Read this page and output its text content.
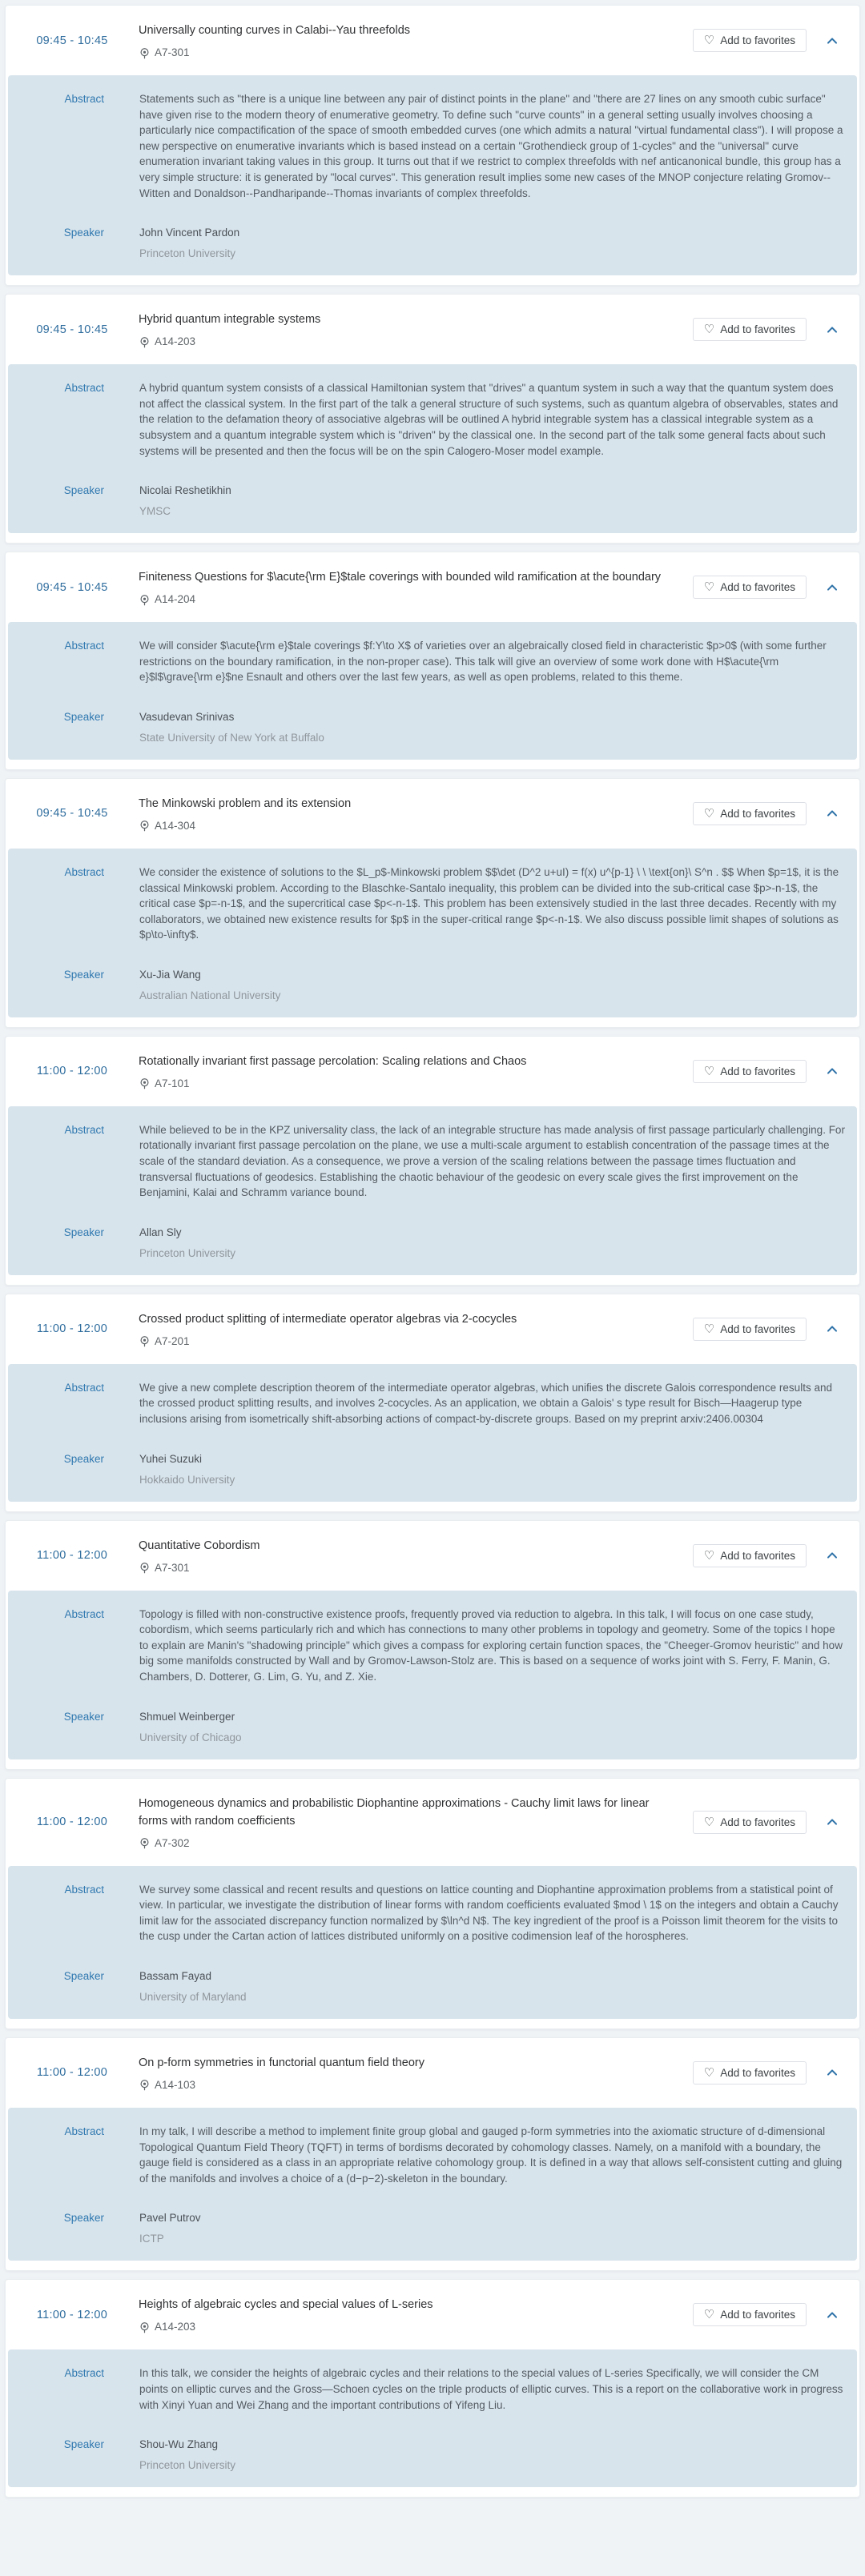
09:45 - 10:45
Universally counting curves in Calabi--Yau threefolds
A7-301
♡ Add to favorites
Abstract	Statements such as "there is a unique line between any pair of distinct points in the plane" and "there are 27 lines on any smooth cubic surface" have given rise to the modern theory of enumerative geometry. To define such "curve counts" in a general setting usually involves choosing a particularly nice compactification of the space of smooth embedded curves (one which admits a natural "virtual fundamental class"). I will propose a new perspective on enumerative invariants which is based instead on a certain "Grothendieck group of 1-cycles" and the "universal" curve enumeration invariant taking values in this group. It turns out that if we restrict to complex threefolds with nef anticanonical bundle, this group has a very simple structure: it is generated by "local curves". This generation result implies some new cases of the MNOP conjecture relating Gromov--Witten and Donaldson--Pandharipande--Thomas invariants of complex threefolds.
Speaker	John Vincent Pardon
Princeton University
09:45 - 10:45
Hybrid quantum integrable systems
A14-203
♡ Add to favorites
Abstract	A hybrid quantum system consists of a classical Hamiltonian system that "drives" a quantum system in such a way that the quantum system does not affect the classical system. In the first part of the talk a general structure of such systems, such as quantum algebra of observables, states and the relation to the defamation theory of associative algebras will be outlined A hybrid integrable system has a classical integrable system as a subsystem and a quantum integrable system which is "driven" by the classical one. In the second part of the talk some general facts about such systems will be presented and then the focus will be on the spin Calogero-Moser model example.
Speaker	Nicolai Reshetikhin
YMSC
09:45 - 10:45
Finiteness Questions for $\acute{\rm E}$tale coverings with bounded wild ramification at the boundary
A14-204
♡ Add to favorites
Abstract	We will consider $\acute{\rm e}$tale coverings $f:Y\to X$ of varieties over an algebraically closed field in characteristic $p>0$ (with some further restrictions on the boundary ramification, in the non-proper case). This talk will give an overview of some work done with H$\acute{\rm e}$l$\grave{\rm e}$ne Esnault and others over the last few years, as well as open problems, related to this theme.
Speaker	Vasudevan Srinivas
State University of New York at Buffalo
09:45 - 10:45
The Minkowski problem and its extension
A14-304
♡ Add to favorites
Abstract	We consider the existence of solutions to the $L_p$-Minkowski problem $$\det (D^2 u+uI) = f(x) u^{p-1} \ \ \text{on}\ S^n . $$ When $p=1$, it is the classical Minkowski problem. According to the Blaschke-Santalo inequality, this problem can be divided into the sub-critical case $p>-n-1$, the critical case $p=-n-1$, and the supercritical case $p<-n-1$. This problem has been extensively studied in the last three decades. Recently with my collaborators, we obtained new existence results for $p$ in the super-critical range $p<-n-1$. We also discuss possible limit shapes of solutions as $p\to-\infty$.
Speaker	Xu-Jia Wang
Australian National University
11:00 - 12:00
Rotationally invariant first passage percolation: Scaling relations and Chaos
A7-101
♡ Add to favorites
Abstract	While believed to be in the KPZ universality class, the lack of an integrable structure has made analysis of first passage particularly challenging. For rotationally invariant first passage percolation on the plane, we use a multi-scale argument to establish concentration of the passage times at the scale of the standard deviation. As a consequence, we prove a version of the scaling relations between the passage times fluctuation and transversal fluctuations of geodesics. Establishing the chaotic behaviour of the geodesic on every scale gives the first improvement on the Benjamini, Kalai and Schramm variance bound.
Speaker	Allan Sly
Princeton University
11:00 - 12:00
Crossed product splitting of intermediate operator algebras via 2-cocycles
A7-201
♡ Add to favorites
Abstract	We give a new complete description theorem of the intermediate operator algebras, which unifies the discrete Galois correspondence results and the crossed product splitting results, and involves 2-cocycles. As an application, we obtain a Galois' s type result for Bisch—Haagerup type inclusions arising from isometrically shift-absorbing actions of compact-by-discrete groups. Based on my preprint arxiv:2406.00304
Speaker	Yuhei Suzuki
Hokkaido University
11:00 - 12:00
Quantitative Cobordism
A7-301
♡ Add to favorites
Abstract	Topology is filled with non-constructive existence proofs, frequently proved via reduction to algebra. In this talk, I will focus on one case study, cobordism, which seems particularly rich and which has connections to many other problems in topology and geometry. Some of the topics I hope to explain are Manin's "shadowing principle" which gives a compass for exploring certain function spaces, the "Cheeger-Gromov heuristic" and how big some manifolds constructed by Wall and by Gromov-Lawson-Stolz are. This is based on a sequence of works joint with S. Ferry, F. Manin, G. Chambers, D. Dotterer, G. Lim, G. Yu, and Z. Xie.
Speaker	Shmuel Weinberger
University of Chicago
11:00 - 12:00
Homogeneous dynamics and probabilistic Diophantine approximations - Cauchy limit laws for linear forms with random coefficients
A7-302
♡ Add to favorites
Abstract	We survey some classical and recent results and questions on lattice counting and Diophantine approximation problems from a statistical point of view. In particular, we investigate the distribution of linear forms with random coefficients evaluated $mod \ 1$ on the integers and obtain a Cauchy limit law for the associated discrepancy function normalized by $\ln^d N$. The key ingredient of the proof is a Poisson limit theorem for the visits to the cusp under the Cartan action of lattices distributed uniformly on a positive codimension leaf of the horospheres.
Speaker	Bassam Fayad
University of Maryland
11:00 - 12:00
On p-form symmetries in functorial quantum field theory
A14-103
♡ Add to favorites
Abstract	In my talk, I will describe a method to implement finite group global and gauged p-form symmetries into the axiomatic structure of d-dimensional Topological Quantum Field Theory (TQFT) in terms of bordisms decorated by cohomology classes. Namely, on a manifold with a boundary, the gauge field is considered as a class in an appropriate relative cohomology group. It is defined in a way that allows self-consistent cutting and gluing of the manifolds and involves a choice of a (d−p−2)-skeleton in the boundary.
Speaker	Pavel Putrov
ICTP
11:00 - 12:00
Heights of algebraic cycles and special values of L-series
A14-203
♡ Add to favorites
Abstract	In this talk, we consider the heights of algebraic cycles and their relations to the special values of L-series Specifically, we will consider the CM points on elliptic curves and the Gross—Schoen cycles on the triple products of elliptic curves. This is a report on the collaborative work in progress with Xinyi Yuan and Wei Zhang and the important contributions of Yifeng Liu.
Speaker	Shou-Wu Zhang
Princeton University
